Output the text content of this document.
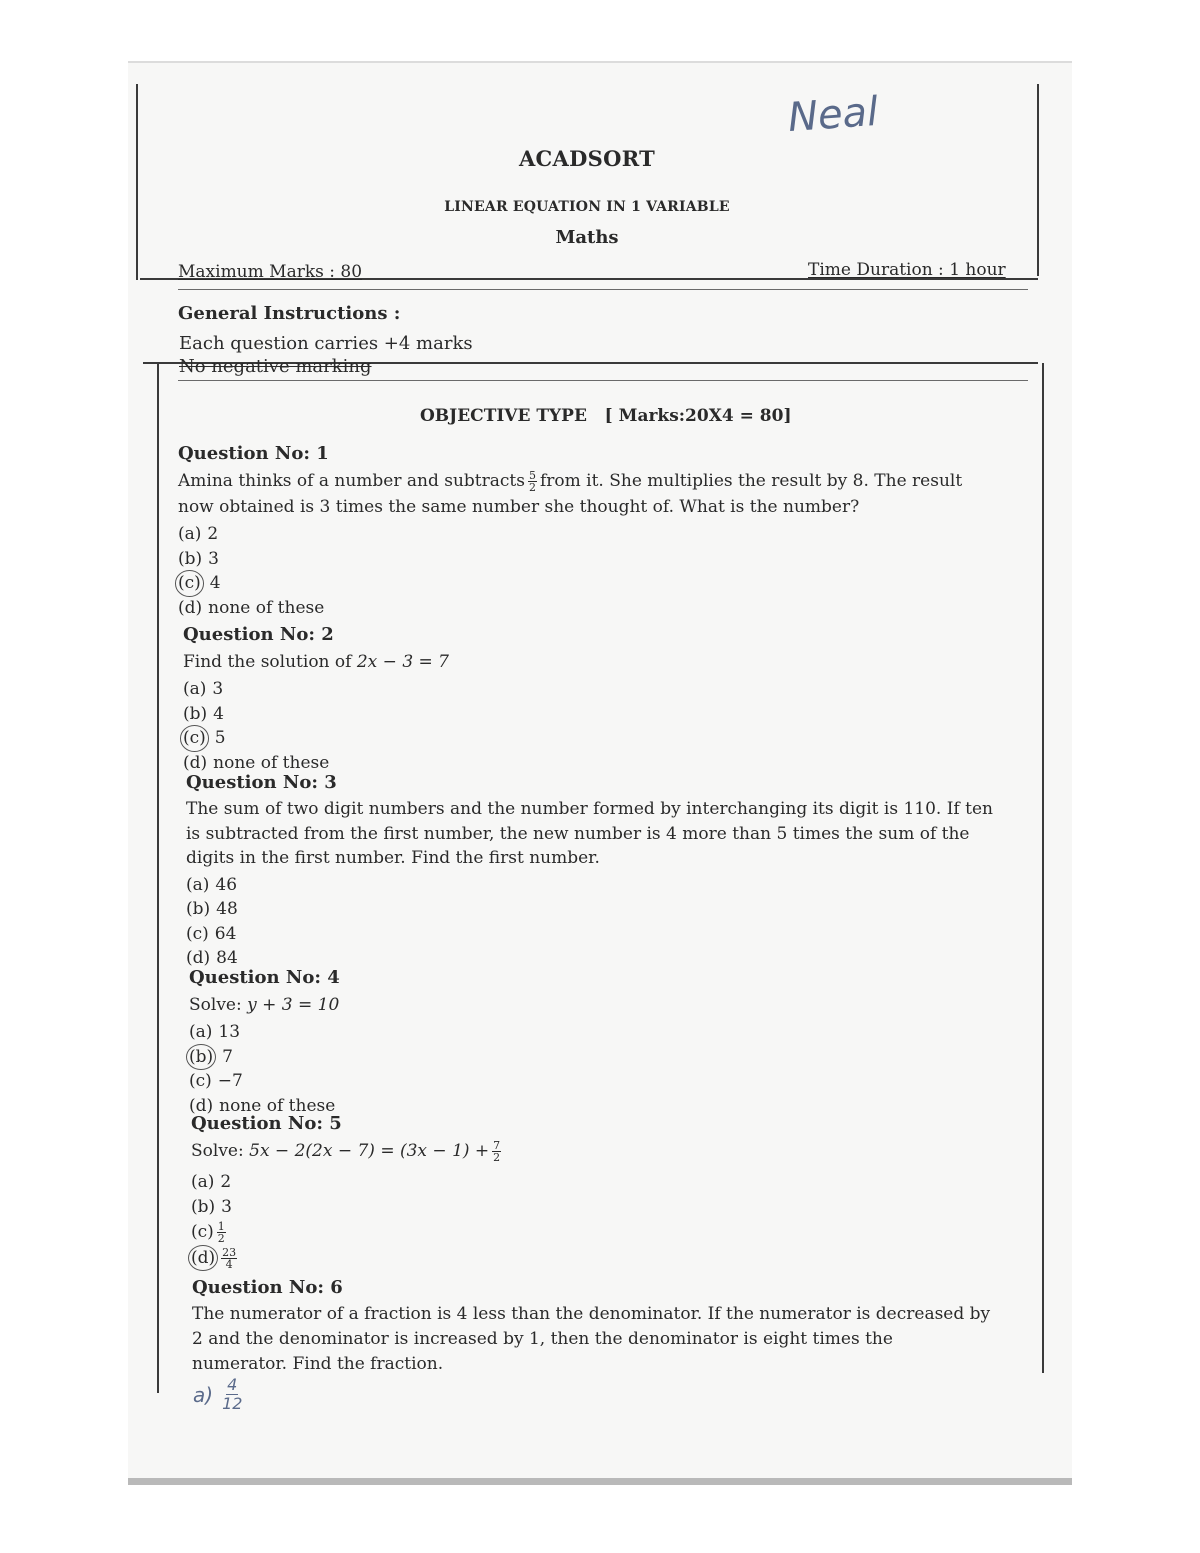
Neal
ACADSORT
LINEAR EQUATION IN 1 VARIABLE
Maths
Maximum Marks : 80	Time Duration : 1 hour
General Instructions :
Each question carries +4 marks
No negative marking
OBJECTIVE TYPE [ Marks:20X4 = 80]
Question No: 1
Amina thinks of a number and subtracts $\frac{5}{2}$ from it. She multiplies the result by 8. The result now obtained is 3 times the same number she thought of. What is the number?
(a) 2
(b) 3
(c) 4
(d) none of these
Question No: 2
Find the solution of 2x − 3 = 7
(a) 3
(b) 4
(c) 5
(d) none of these
Question No: 3
The sum of two digit numbers and the number formed by interchanging its digit is 110. If ten is subtracted from the first number, the new number is 4 more than 5 times the sum of the digits in the first number. Find the first number.
(a) 46
(b) 48
(c) 64
(d) 84
Question No: 4
Solve: y + 3 = 10
(a) 13
(b) 7
(c) −7
(d) none of these
Question No: 5
Solve: $5x - 2(2x - 7) = (3x - 1) + \frac{7}{2}$
(a) 2
(b) 3
$(c) \frac{1}{2}$
$(d) \frac{23}{4}$
Question No: 6
The numerator of a fraction is 4 less than the denominator. If the numerator is decreased by 2 and the denominator is increased by 1, then the denominator is eight times the numerator. Find the fraction.
$a) \frac{4}{12}$
